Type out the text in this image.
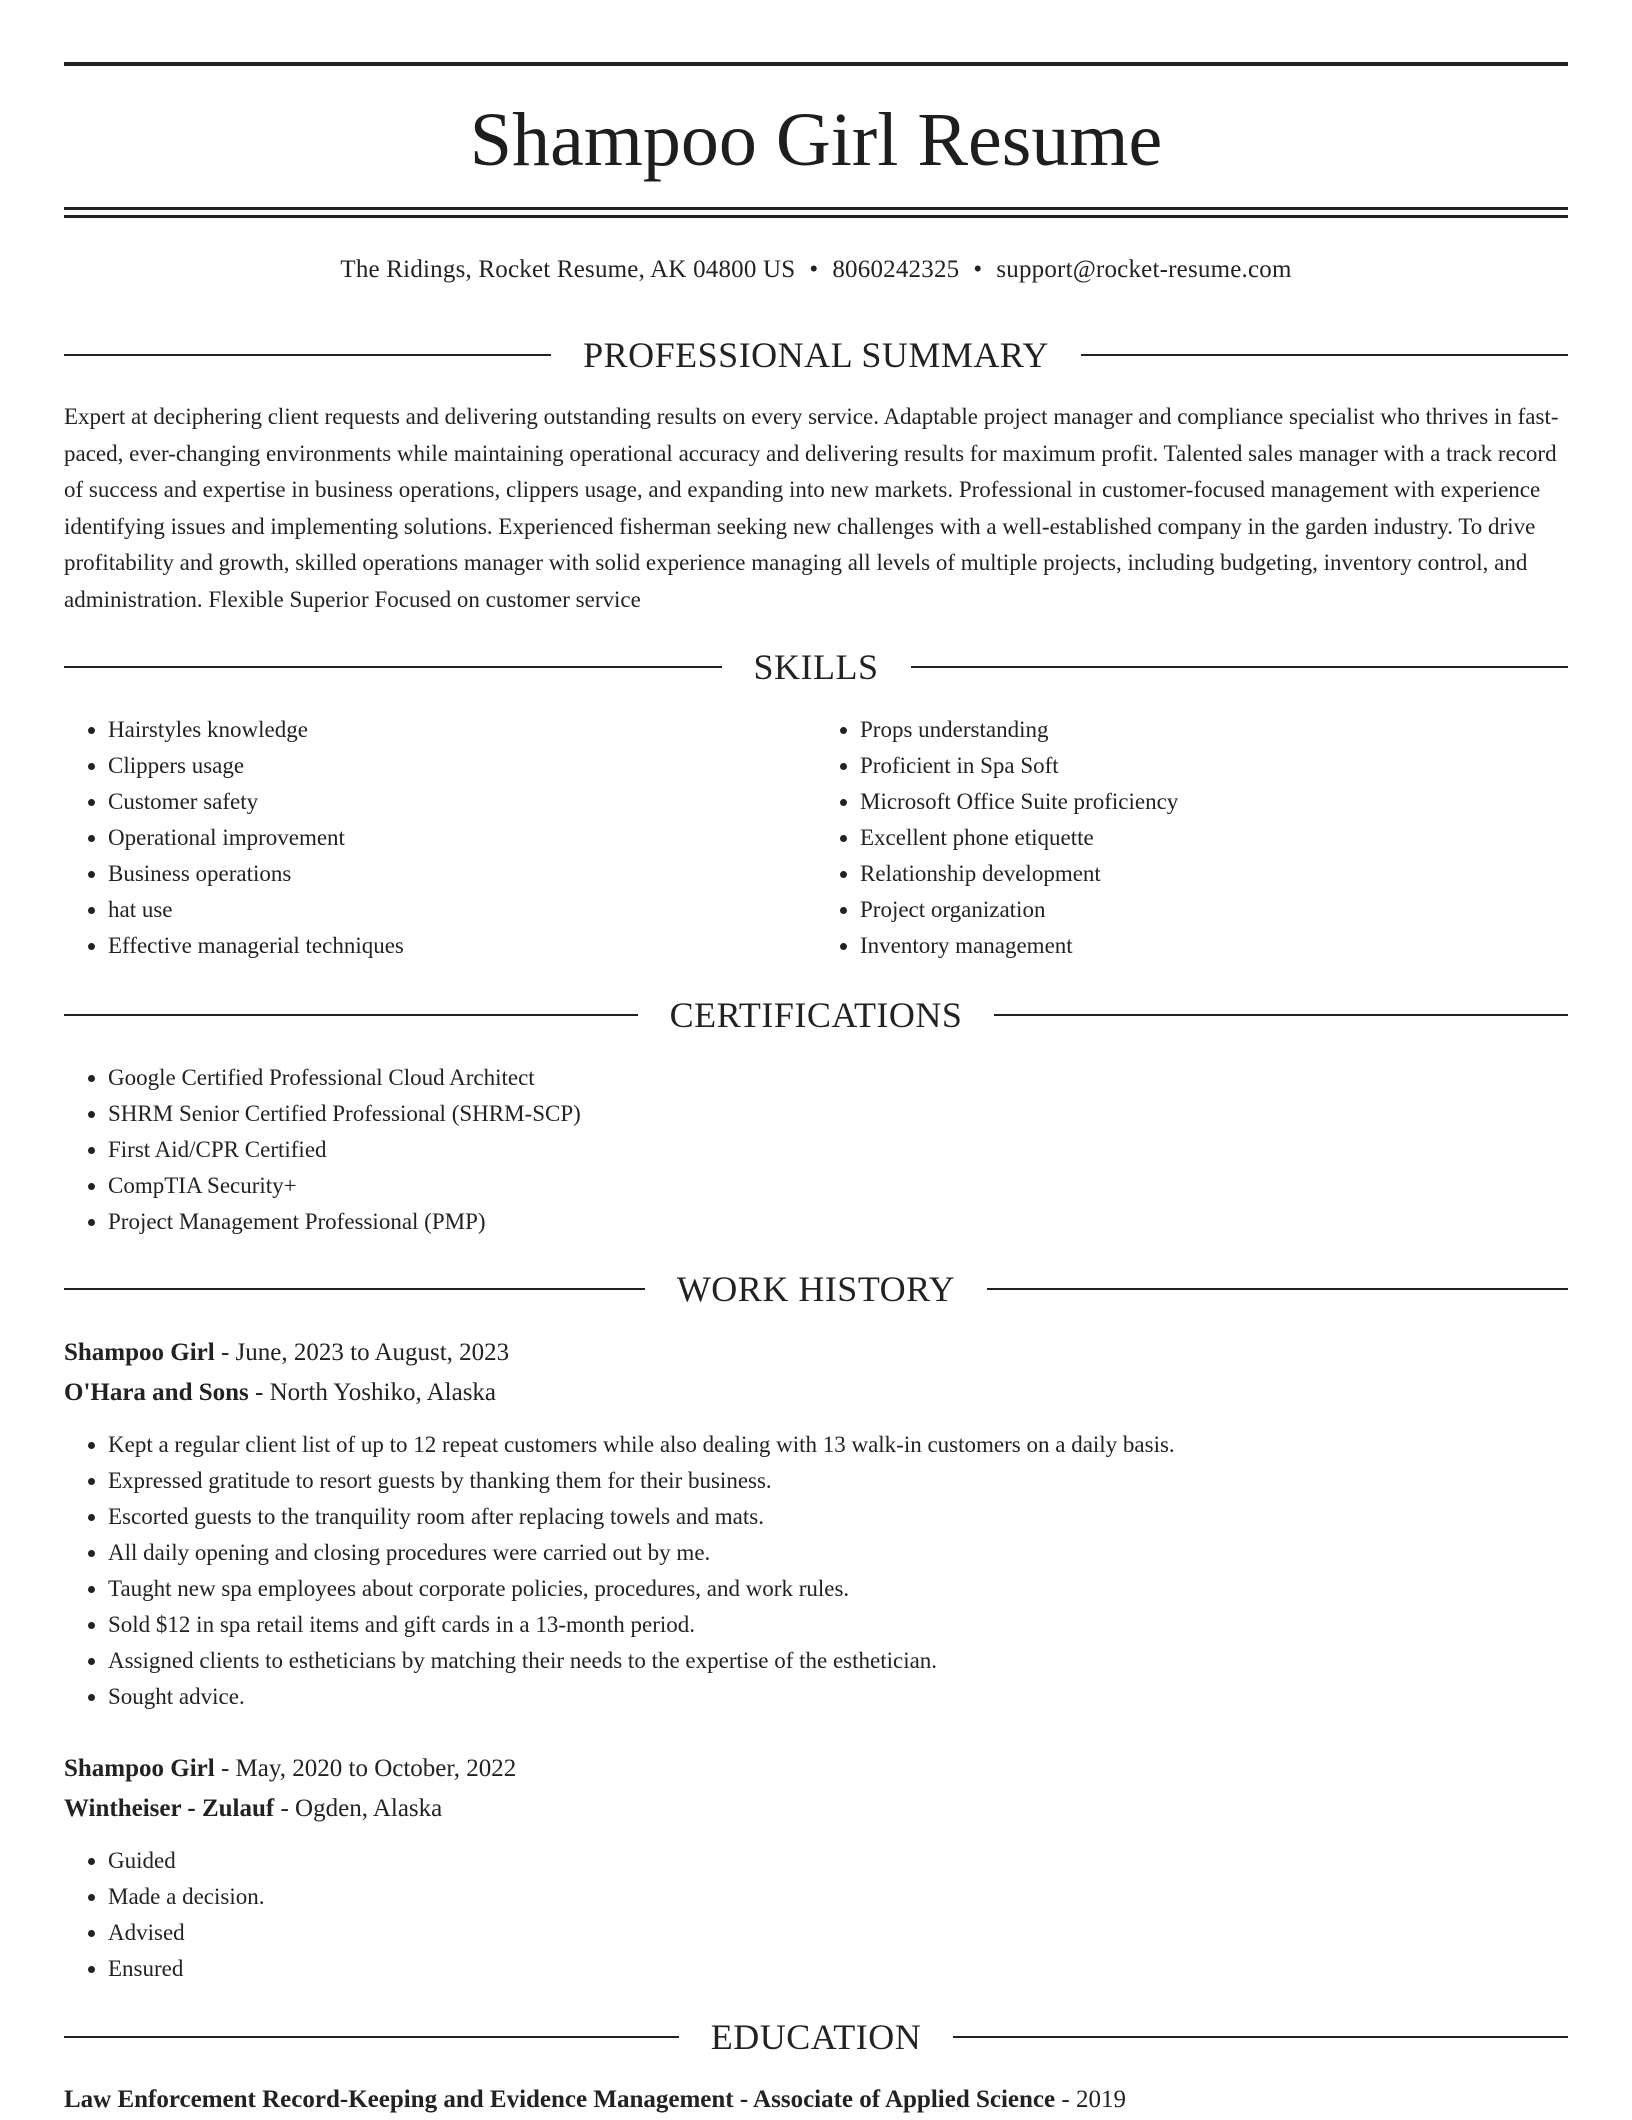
Shampoo Girl Resume
The Ridings, Rocket Resume, AK 04800 US • 8060242325 • support@rocket-resume.com
PROFESSIONAL SUMMARY

Expert at deciphering client requests and delivering outstanding results on every service. Adaptable project manager and compliance specialist who thrives in fast-paced, ever-changing environments while maintaining operational accuracy and delivering results for maximum profit. Talented sales manager with a track record of success and expertise in business operations, clippers usage, and expanding into new markets. Professional in customer-focused management with experience identifying issues and implementing solutions. Experienced fisherman seeking new challenges with a well-established company in the garden industry. To drive profitability and growth, skilled operations manager with solid experience managing all levels of multiple projects, including budgeting, inventory control, and administration. Flexible Superior Focused on customer service

SKILLS
• Hairstyles knowledge
• Clippers usage
• Customer safety
• Operational improvement
• Business operations
• hat use
• Effective managerial techniques
• Props understanding
• Proficient in Spa Soft
• Microsoft Office Suite proficiency
• Excellent phone etiquette
• Relationship development
• Project organization
• Inventory management
CERTIFICATIONS
• Google Certified Professional Cloud Architect
• SHRM Senior Certified Professional (SHRM-SCP)
• First Aid/CPR Certified
• CompTIA Security+
• Project Management Professional (PMP)
WORK HISTORY
Shampoo Girl - June, 2023 to August, 2023
O'Hara and Sons - North Yoshiko, Alaska
• Kept a regular client list of up to 12 repeat customers while also dealing with 13 walk-in customers on a daily basis.
• Expressed gratitude to resort guests by thanking them for their business.
• Escorted guests to the tranquility room after replacing towels and mats.
• All daily opening and closing procedures were carried out by me.
• Taught new spa employees about corporate policies, procedures, and work rules.
• Sold $12 in spa retail items and gift cards in a 13-month period.
• Assigned clients to estheticians by matching their needs to the expertise of the esthetician.
• Sought advice.
Shampoo Girl - May, 2020 to October, 2022
Wintheiser - Zulauf - Ogden, Alaska
• Guided
• Made a decision.
• Advised
• Ensured
EDUCATION
Law Enforcement Record-Keeping and Evidence Management - Associate of Applied Science - 2019
